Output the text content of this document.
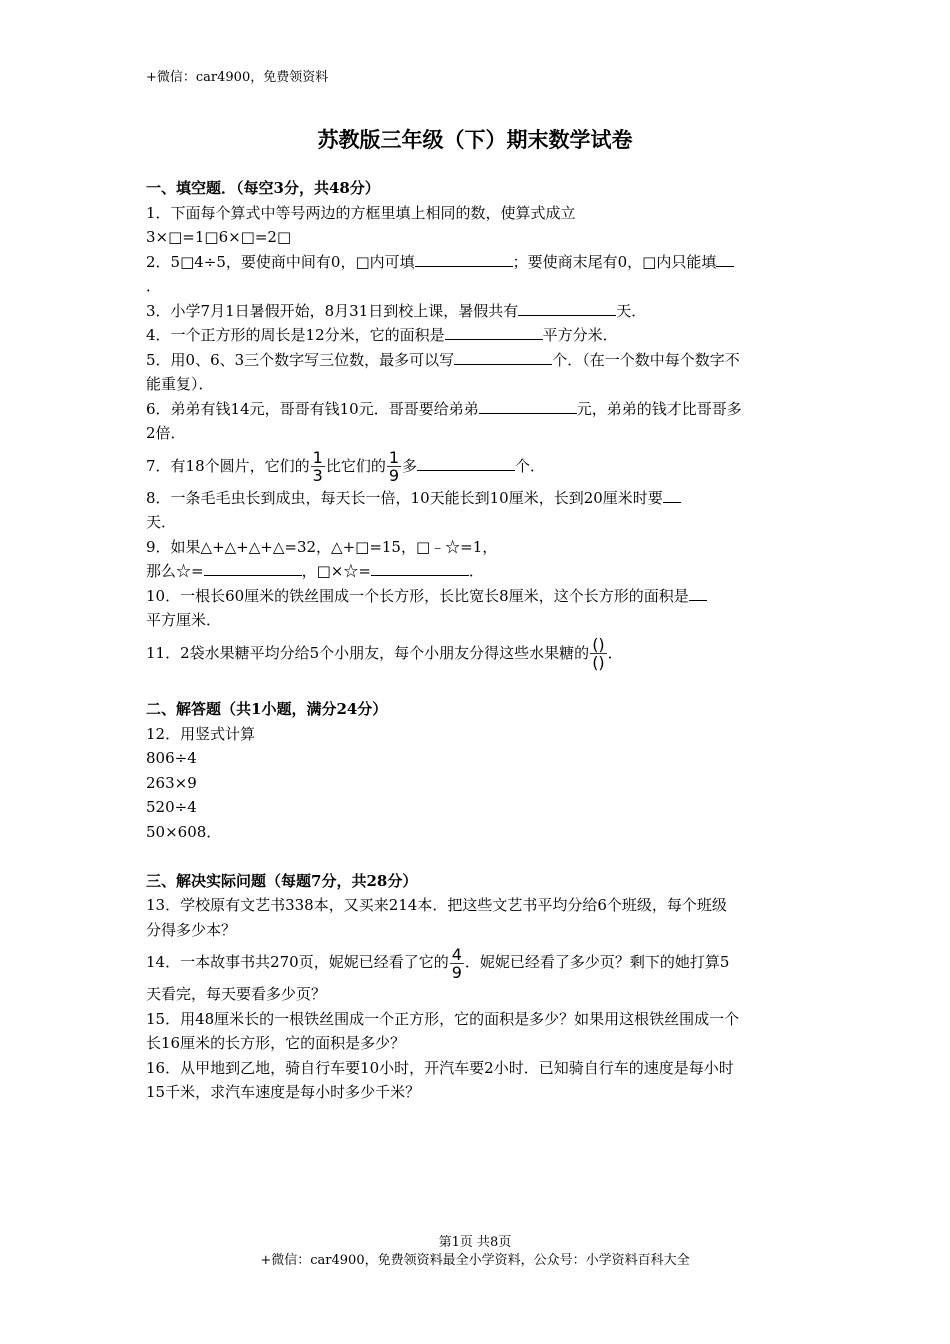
+微信：car4900，免费领资料
苏教版三年级（下）期末数学试卷
一、填空题．（每空3分，共48分）
1．下面每个算式中等号两边的方框里填上相同的数，使算式成立
3×□=1□6×□=2□
2．5□4÷5，要使商中间有0，□内可填	；要使商末尾有0，□内只能填
．
3．小学7月1日暑假开始，8月31日到校上课，暑假共有	天．
4．一个正方形的周长是12分米，它的面积是	平方分米．
5．用0、6、3三个数字写三位数，最多可以写	个．（在一个数中每个数字不
能重复）．
6．弟弟有钱14元，哥哥有钱10元．哥哥要给弟弟	元，弟弟的钱才比哥哥多
2倍．
7．有18个圆片，它们的 $\frac{1}{3}$ 比它们的 $\frac{1}{9}$ 多	个．
8．一条毛毛虫长到成虫，每天长一倍，10天能长到10厘米，长到20厘米时要
天．
9．如果△+△+△+△=32，△+□=15，□﹣☆=1，
那么☆=	，□×☆=	．
10．一根长60厘米的铁丝围成一个长方形，长比宽长8厘米，这个长方形的面积是
平方厘米．
11．2袋水果糖平均分给5个小朋友，每个小朋友分得这些水果糖的 $\frac{()}{()}$ ．
二、解答题（共1小题，满分24分）
12．用竖式计算
806÷4
263×9
520÷4
50×608．
三、解决实际问题（每题7分，共28分）
13．学校原有文艺书338本，又买来214本．把这些文艺书平均分给6个班级，每个班级
分得多少本？
14．一本故事书共270页，妮妮已经看了它的 $\frac{4}{9}$ ．妮妮已经看了多少页？剩下的她打算5
天看完，每天要看多少页？
15．用48厘米长的一根铁丝围成一个正方形，它的面积是多少？如果用这根铁丝围成一个
长16厘米的长方形，它的面积是多少？
16．从甲地到乙地，骑自行车要10小时，开汽车要2小时．已知骑自行车的速度是每小时
15千米，求汽车速度是每小时多少千米？
第1页 共8页
+微信：car4900，免费领资料最全小学资料，公众号：小学资料百科大全
